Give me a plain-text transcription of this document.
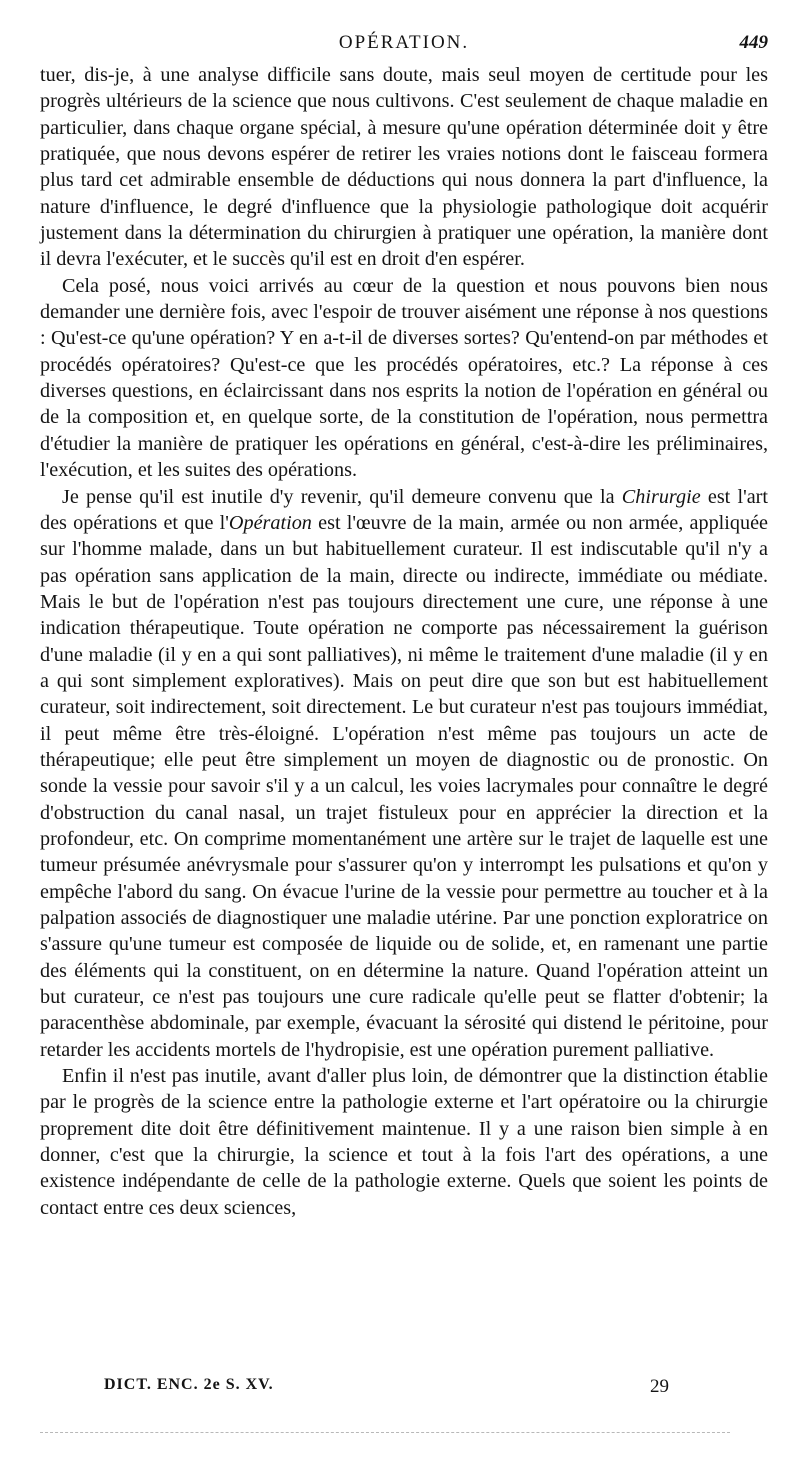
OPÉRATION.	449

tuer, dis-je, à une analyse difficile sans doute, mais seul moyen de certitude pour les progrès ultérieurs de la science que nous cultivons. C'est seulement de chaque maladie en particulier, dans chaque organe spécial, à mesure qu'une opération déterminée doit y être pratiquée, que nous devons espérer de retirer les vraies notions dont le faisceau formera plus tard cet admirable ensemble de déductions qui nous donnera la part d'influence, la nature d'influence, le degré d'influence que la physiologie pathologique doit acquérir justement dans la détermination du chirurgien à pratiquer une opération, la manière dont il devra l'exécuter, et le succès qu'il est en droit d'en espérer.

Cela posé, nous voici arrivés au cœur de la question et nous pouvons bien nous demander une dernière fois, avec l'espoir de trouver aisément une réponse à nos questions : Qu'est-ce qu'une opération? Y en a-t-il de diverses sortes? Qu'entend-on par méthodes et procédés opératoires? Qu'est-ce que les procédés opératoires, etc.? La réponse à ces diverses questions, en éclaircissant dans nos esprits la notion de l'opération en général ou de la composition et, en quelque sorte, de la constitution de l'opération, nous permettra d'étudier la manière de pratiquer les opérations en général, c'est-à-dire les préliminaires, l'exécution, et les suites des opérations.

Je pense qu'il est inutile d'y revenir, qu'il demeure convenu que la Chirurgie est l'art des opérations et que l'Opération est l'œuvre de la main, armée ou non armée, appliquée sur l'homme malade, dans un but habituellement curateur. Il est indiscutable qu'il n'y a pas opération sans application de la main, directe ou indirecte, immédiate ou médiate. Mais le but de l'opération n'est pas toujours directement une cure, une réponse à une indication thérapeutique. Toute opération ne comporte pas nécessairement la guérison d'une maladie (il y en a qui sont palliatives), ni même le traitement d'une maladie (il y en a qui sont simplement exploratives). Mais on peut dire que son but est habituellement curateur, soit indirectement, soit directement. Le but curateur n'est pas toujours immédiat, il peut même être très-éloigné. L'opération n'est même pas toujours un acte de thérapeutique; elle peut être simplement un moyen de diagnostic ou de pronostic. On sonde la vessie pour savoir s'il y a un calcul, les voies lacrymales pour connaître le degré d'obstruction du canal nasal, un trajet fistuleux pour en apprécier la direction et la profondeur, etc. On comprime momentanément une artère sur le trajet de laquelle est une tumeur présumée anévrysmale pour s'assurer qu'on y interrompt les pulsations et qu'on y empêche l'abord du sang. On évacue l'urine de la vessie pour permettre au toucher et à la palpation associés de diagnostiquer une maladie utérine. Par une ponction exploratrice on s'assure qu'une tumeur est composée de liquide ou de solide, et, en ramenant une partie des éléments qui la constituent, on en détermine la nature. Quand l'opération atteint un but curateur, ce n'est pas toujours une cure radicale qu'elle peut se flatter d'obtenir; la paracenthèse abdominale, par exemple, évacuant la sérosité qui distend le péritoine, pour retarder les accidents mortels de l'hydropisie, est une opération purement palliative.

Enfin il n'est pas inutile, avant d'aller plus loin, de démontrer que la distinction établie par le progrès de la science entre la pathologie externe et l'art opératoire ou la chirurgie proprement dite doit être définitivement maintenue. Il y a une raison bien simple à en donner, c'est que la chirurgie, la science et tout à la fois l'art des opérations, a une existence indépendante de celle de la pathologie externe. Quels que soient les points de contact entre ces deux sciences,

DICT. ENC. 2e S. XV.	29
